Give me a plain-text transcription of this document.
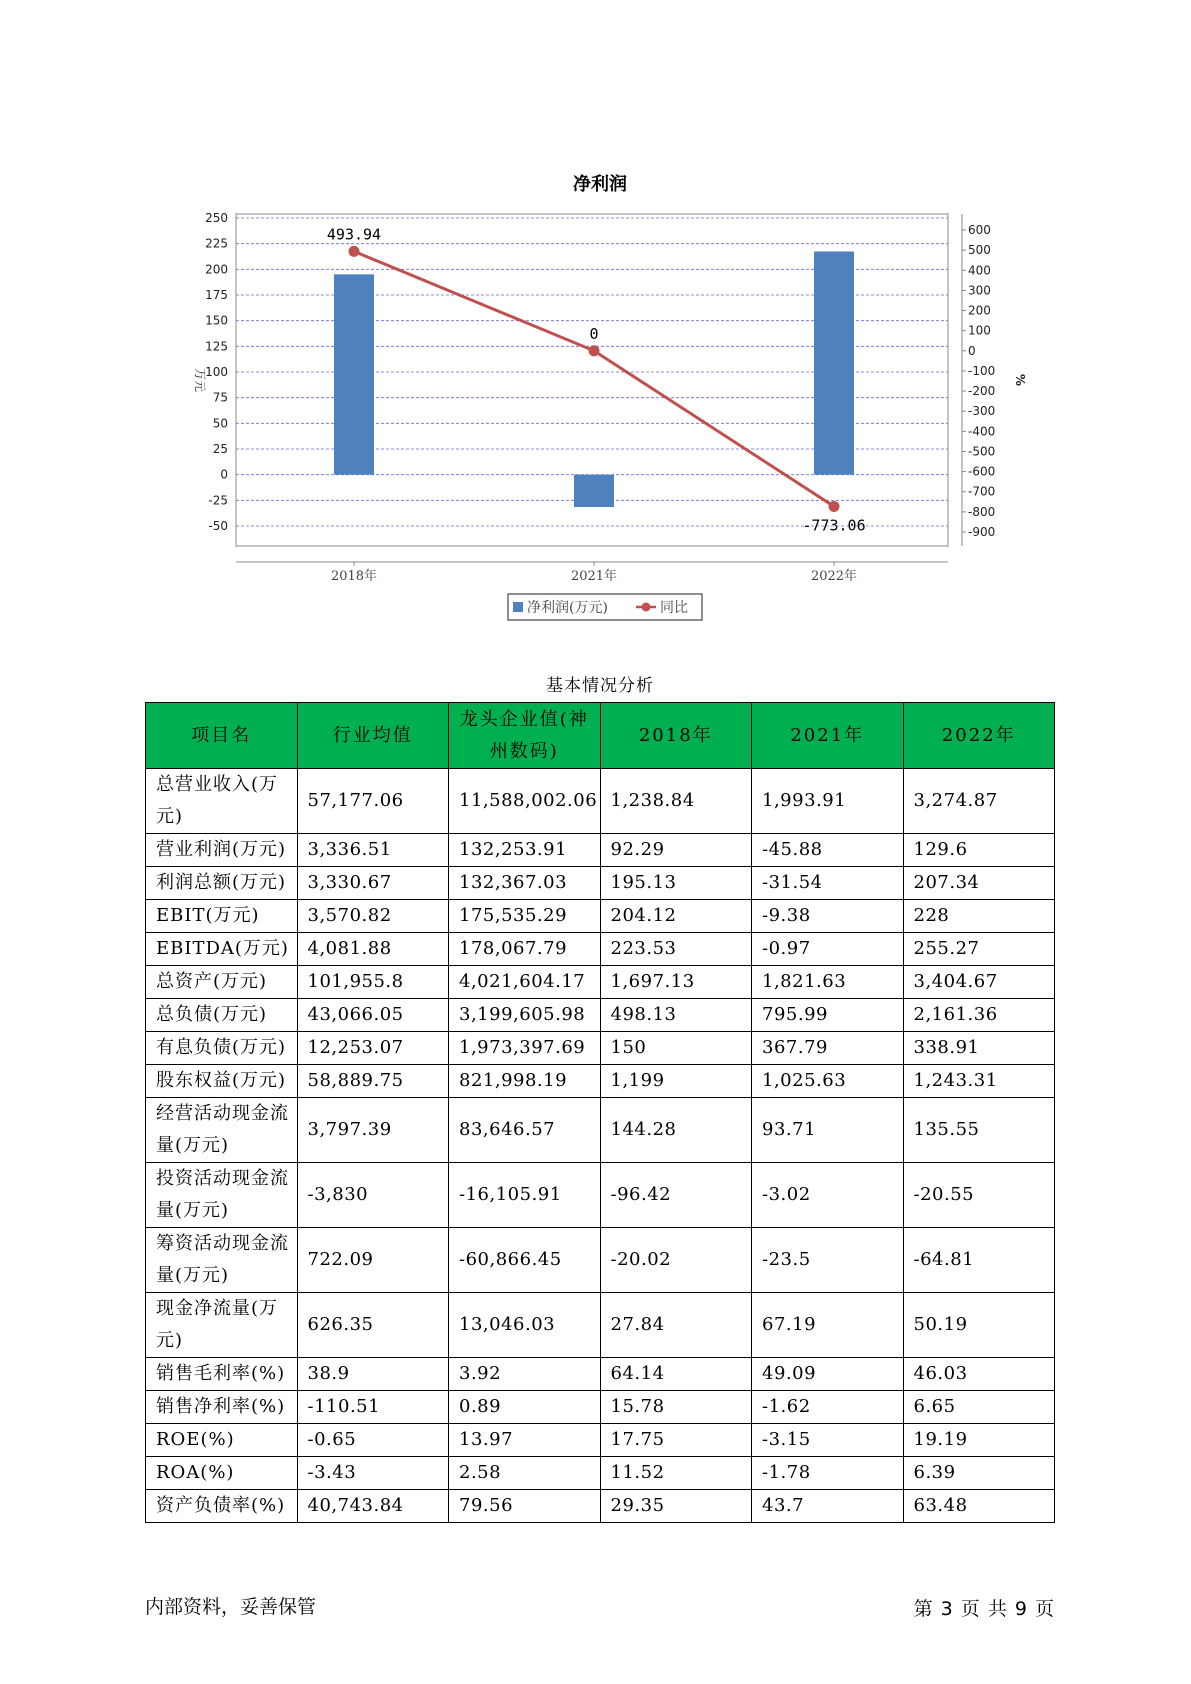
净利润
250
225
200
175
150
125
100
75
50
25
0
-25
-50
600
500
400
300
200
100
0
-100
-200
-300
-400
-500
-600
-700
-800
-900
万元	%
2018年	2021年	2022年
493.94
0
-773.06
净利润(万元)	同比
基本情况分析
项目名	行业均值	龙头企业值(神州数码)	2018年	2021年	2022年
总营业收入(万元)	57,177.06	11,588,002.06	1,238.84	1,993.91	3,274.87
营业利润(万元)	3,336.51	132,253.91	92.29	-45.88	129.6
利润总额(万元)	3,330.67	132,367.03	195.13	-31.54	207.34
EBIT(万元)	3,570.82	175,535.29	204.12	-9.38	228
EBITDA(万元)	4,081.88	178,067.79	223.53	-0.97	255.27
总资产(万元)	101,955.8	4,021,604.17	1,697.13	1,821.63	3,404.67
总负债(万元)	43,066.05	3,199,605.98	498.13	795.99	2,161.36
有息负债(万元)	12,253.07	1,973,397.69	150	367.79	338.91
股东权益(万元)	58,889.75	821,998.19	1,199	1,025.63	1,243.31
经营活动现金流量(万元)	3,797.39	83,646.57	144.28	93.71	135.55
投资活动现金流量(万元)	-3,830	-16,105.91	-96.42	-3.02	-20.55
筹资活动现金流量(万元)	722.09	-60,866.45	-20.02	-23.5	-64.81
现金净流量(万元)	626.35	13,046.03	27.84	67.19	50.19
销售毛利率(%)	38.9	3.92	64.14	49.09	46.03
销售净利率(%)	-110.51	0.89	15.78	-1.62	6.65
ROE(%)	-0.65	13.97	17.75	-3.15	19.19
ROA(%)	-3.43	2.58	11.52	-1.78	6.39
资产负债率(%)	40,743.84	79.56	29.35	43.7	63.48
内部资料，妥善保管	第 3 页 共 9 页
